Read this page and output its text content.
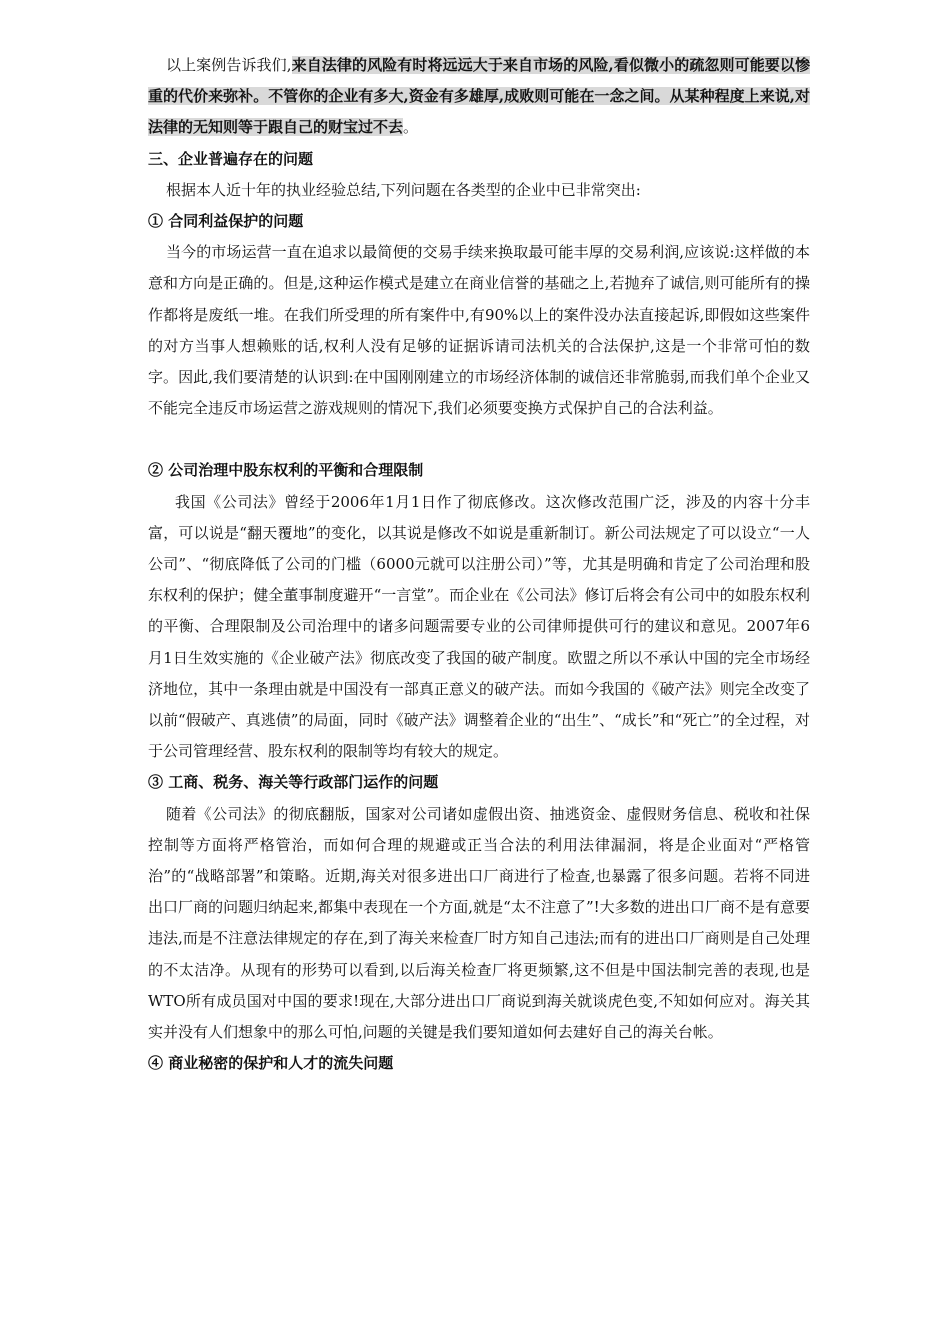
以上案例告诉我们,来自法律的风险有时将远远大于来自市场的风险,看似微小的疏忽则可能要以惨重的代价来弥补。不管你的企业有多大,资金有多雄厚,成败则可能在一念之间。从某种程度上来说,对法律的无知则等于跟自己的财宝过不去。

三、企业普遍存在的问题

根据本人近十年的执业经验总结,下列问题在各类型的企业中已非常突出:

① 合同利益保护的问题

当今的市场运营一直在追求以最简便的交易手续来换取最可能丰厚的交易利润,应该说:这样做的本意和方向是正确的。但是,这种运作模式是建立在商业信誉的基础之上,若抛弃了诚信,则可能所有的操作都将是废纸一堆。在我们所受理的所有案件中,有90%以上的案件没办法直接起诉,即假如这些案件的对方当事人想赖账的话,权利人没有足够的证据诉请司法机关的合法保护,这是一个非常可怕的数字。因此,我们要清楚的认识到:在中国刚刚建立的市场经济体制的诚信还非常脆弱,而我们单个企业又不能完全违反市场运营之游戏规则的情况下,我们必须要变换方式保护自己的合法利益。

② 公司治理中股东权利的平衡和合理限制

我国《公司法》曾经于2006年1月1日作了彻底修改。这次修改范围广泛，涉及的内容十分丰富，可以说是“翻天覆地”的变化，以其说是修改不如说是重新制订。新公司法规定了可以设立“一人公司”、“彻底降低了公司的门槛（6000元就可以注册公司）”等，尤其是明确和肯定了公司治理和股东权利的保护；健全董事制度避开“一言堂”。而企业在《公司法》修订后将会有公司中的如股东权利的平衡、合理限制及公司治理中的诸多问题需要专业的公司律师提供可行的建议和意见。2007年6月1日生效实施的《企业破产法》彻底改变了我国的破产制度。欧盟之所以不承认中国的完全市场经济地位，其中一条理由就是中国没有一部真正意义的破产法。而如今我国的《破产法》则完全改变了以前“假破产、真逃债”的局面，同时《破产法》调整着企业的“出生”、“成长”和“死亡”的全过程，对于公司管理经营、股东权利的限制等均有较大的规定。

③ 工商、税务、海关等行政部门运作的问题

随着《公司法》的彻底翻版，国家对公司诸如虚假出资、抽逃资金、虚假财务信息、税收和社保控制等方面将严格管治，而如何合理的规避或正当合法的利用法律漏洞，将是企业面对“严格管治”的“战略部署”和策略。近期,海关对很多进出口厂商进行了检查,也暴露了很多问题。若将不同进出口厂商的问题归纳起来,都集中表现在一个方面,就是“太不注意了”!大多数的进出口厂商不是有意要违法,而是不注意法律规定的存在,到了海关来检查厂时方知自己违法;而有的进出口厂商则是自己处理的不太洁净。从现有的形势可以看到,以后海关检查厂将更频繁,这不但是中国法制完善的表现,也是WTO所有成员国对中国的要求!现在,大部分进出口厂商说到海关就谈虎色变,不知如何应对。海关其实并没有人们想象中的那么可怕,问题的关键是我们要知道如何去建好自己的海关台帐。

④ 商业秘密的保护和人才的流失问题
